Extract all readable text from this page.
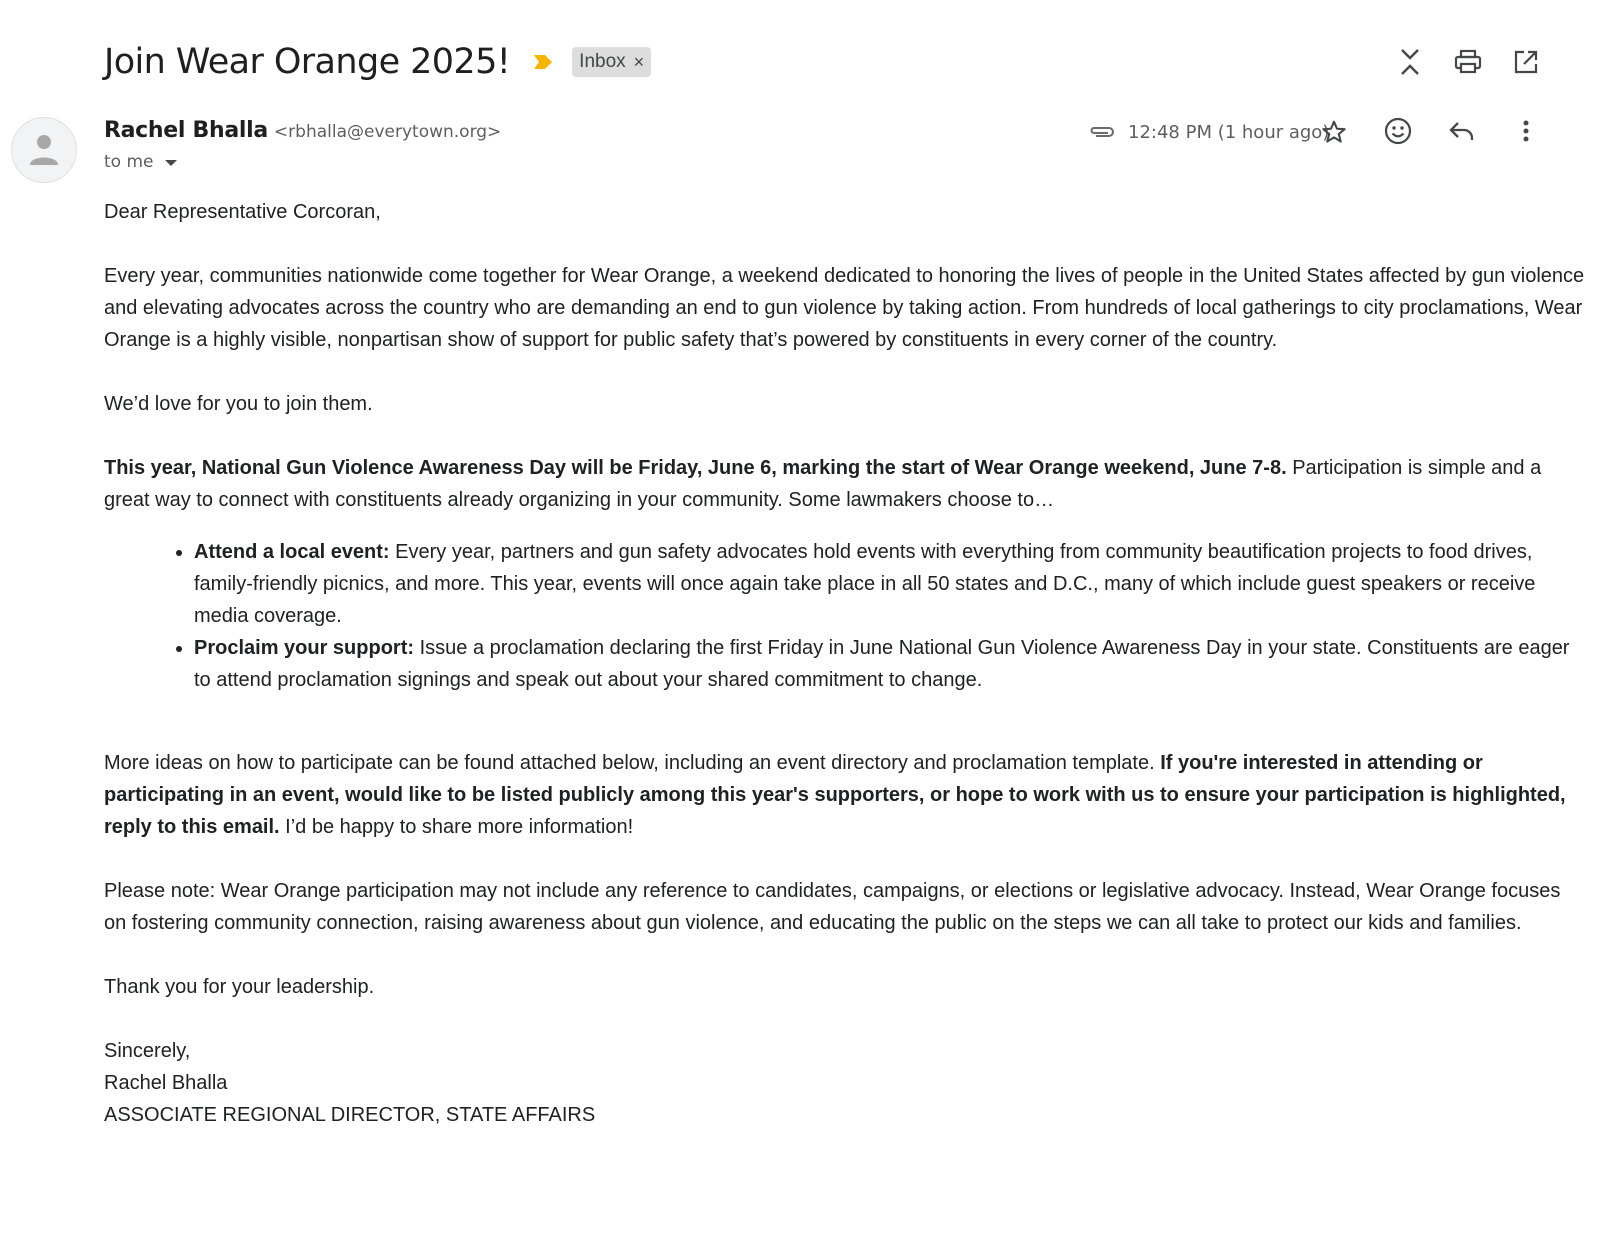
Join Wear Orange 2025!	Inbox ×
Rachel Bhalla <rbhalla@everytown.org>
to me
12:48 PM (1 hour ago)

Dear Representative Corcoran,

Every year, communities nationwide come together for Wear Orange, a weekend dedicated to honoring the lives of people in the United States affected by gun violence and elevating advocates across the country who are demanding an end to gun violence by taking action. From hundreds of local gatherings to city proclamations, Wear Orange is a highly visible, nonpartisan show of support for public safety that’s powered by constituents in every corner of the country.

We’d love for you to join them.

This year, National Gun Violence Awareness Day will be Friday, June 6, marking the start of Wear Orange weekend, June 7-8. Participation is simple and a great way to connect with constituents already organizing in your community. Some lawmakers choose to…

• Attend a local event: Every year, partners and gun safety advocates hold events with everything from community beautification projects to food drives, family-friendly picnics, and more. This year, events will once again take place in all 50 states and D.C., many of which include guest speakers or receive media coverage.
• Proclaim your support: Issue a proclamation declaring the first Friday in June National Gun Violence Awareness Day in your state. Constituents are eager to attend proclamation signings and speak out about your shared commitment to change.

More ideas on how to participate can be found attached below, including an event directory and proclamation template. If you're interested in attending or participating in an event, would like to be listed publicly among this year's supporters, or hope to work with us to ensure your participation is highlighted, reply to this email. I’d be happy to share more information!

Please note: Wear Orange participation may not include any reference to candidates, campaigns, or elections or legislative advocacy. Instead, Wear Orange focuses on fostering community connection, raising awareness about gun violence, and educating the public on the steps we can all take to protect our kids and families.

Thank you for your leadership.

Sincerely,

Rachel Bhalla

ASSOCIATE REGIONAL DIRECTOR, STATE AFFAIRS
